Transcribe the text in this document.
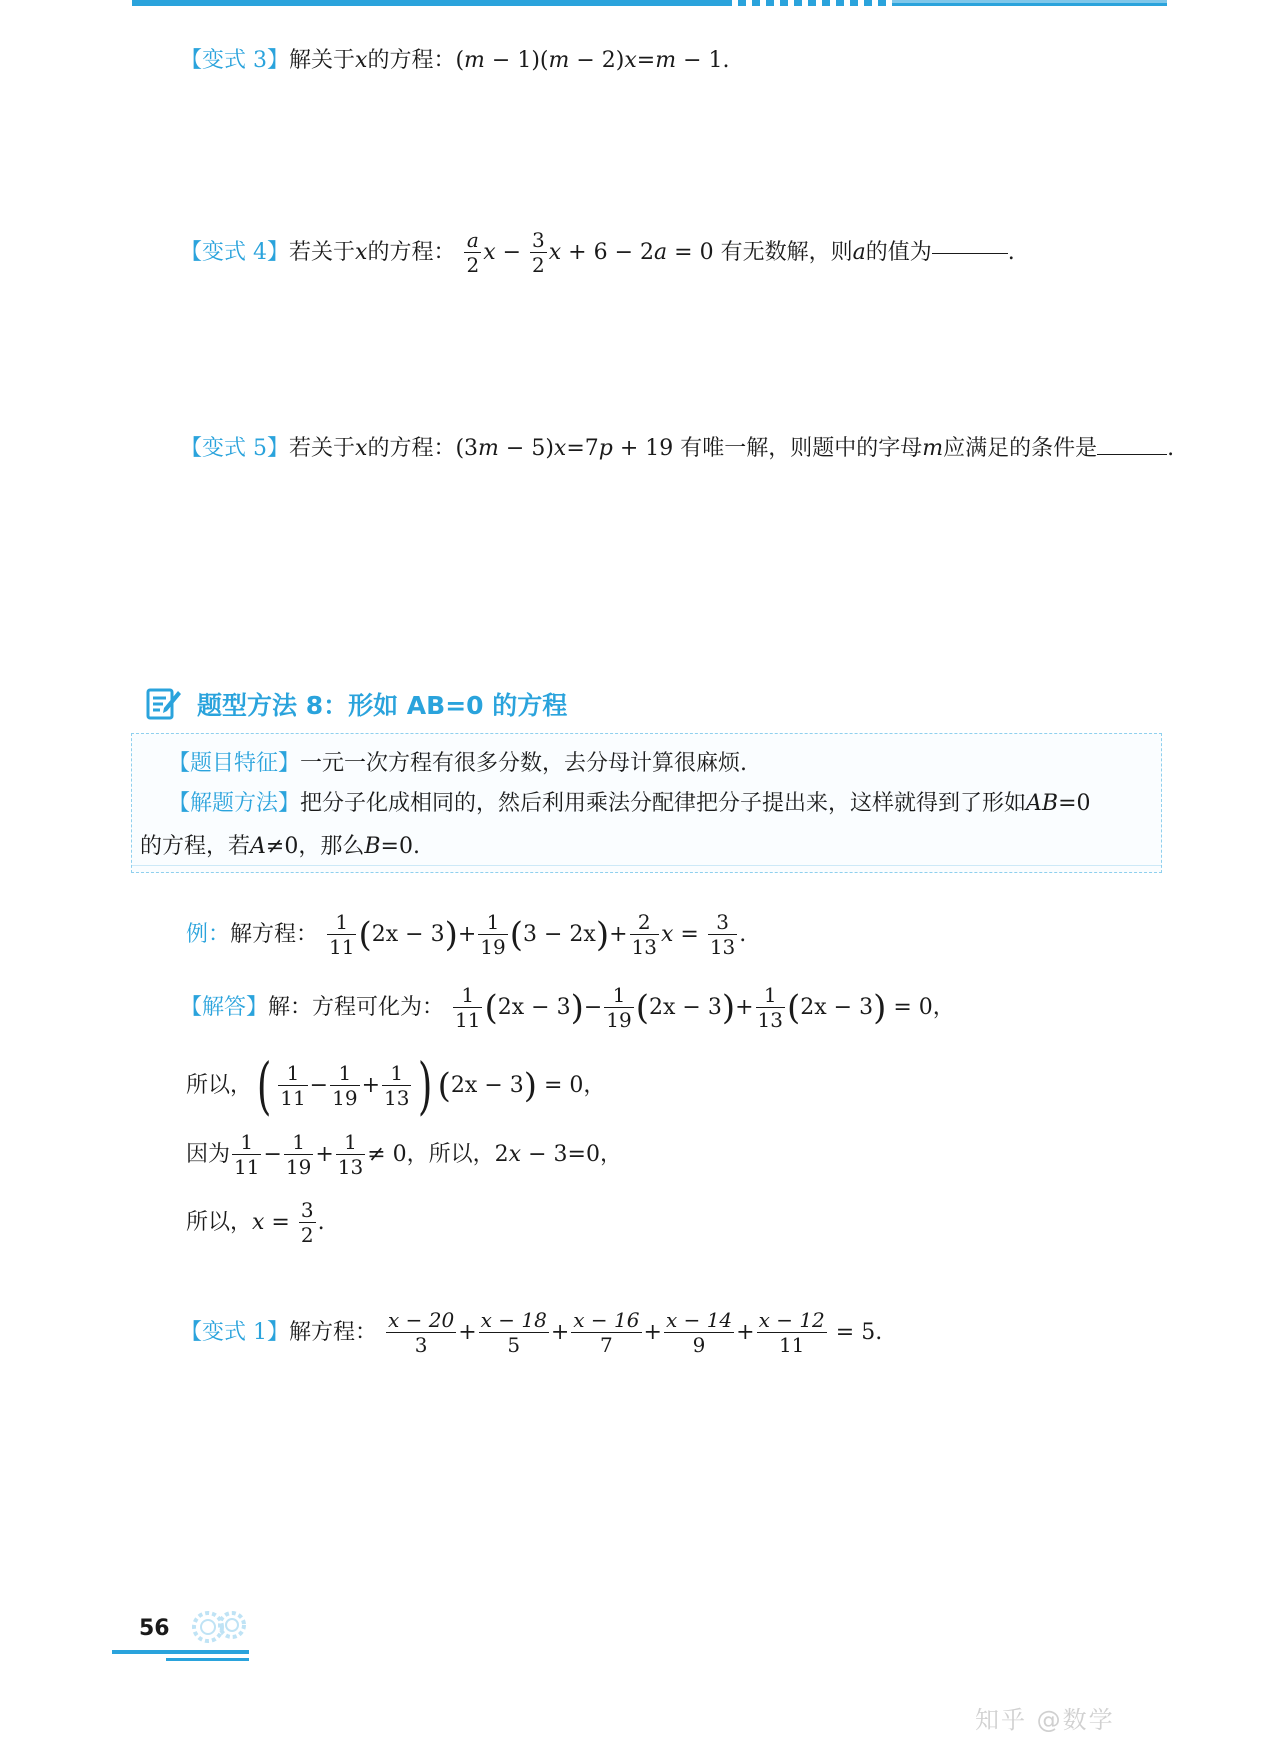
【变式 3】解关于x的方程：(m − 1)(m − 2)x=m − 1.
【变式 4】若关于x的方程： $\frac{a}{2}$ $x - \frac{3}{2}$ x + 6 − 2a = 0 有无数解，则a的值为	.
【变式 5】若关于x的方程：(3m − 5)x=7p + 19 有唯一解，则题中的字母m应满足的条件是	.
题型方法 8：形如 AB=0 的方程
【题目特征】一元一次方程有很多分数，去分母计算很麻烦.
【解题方法】把分子化成相同的，然后利用乘法分配律把分子提出来，这样就得到了形如AB=0
的方程，若A≠0，那么B=0.
例：解方程： $\frac{1}{11} (2x - 3)+ \frac{1}{19} (3 - 2x)+ \frac{2}{13}$ $x = \frac{3}{13}$ .
【解答】解：方程可化为： $\frac{1}{11} (2x - 3)- \frac{1}{19} (2x - 3)+ \frac{1}{13} (2x - 3) = 0$，
所以，( $\frac{1}{11} - \frac{1}{19} + \frac{1}{13}$ ) (2x − 3) = 0，
因为 $\frac{1}{11} - \frac{1}{19} + \frac{1}{13} \ne 0$，所以，2x − 3=0，
所以，$x = \frac{3}{2}$ .
【变式 1】解方程： $\frac{x - 20}{3} + \frac{x - 18}{5} + \frac{x - 16}{7} + \frac{x - 14}{9} + \frac{x - 12}{11} = 5$.
56
知乎 @数学
